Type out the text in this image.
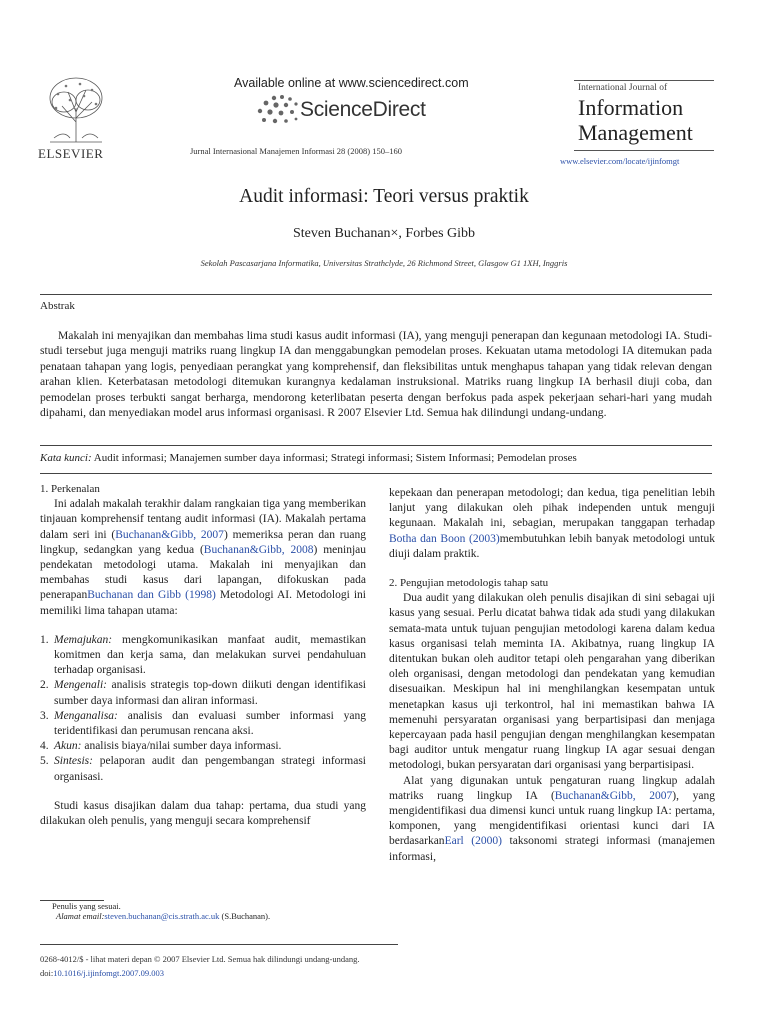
ELSEVIER
Available online at www.sciencedirect.com
ScienceDirect
Jurnal Internasional Manajemen Informasi 28 (2008) 150–160
International Journal of
Information
Management
www.elsevier.com/locate/ijinfomgt
Audit informasi: Teori versus praktik
Steven Buchanan×, Forbes Gibb
Sekolah Pascasarjana Informatika, Universitas Strathclyde, 26 Richmond Street, Glasgow G1 1XH, Inggris
Abstrak

Makalah ini menyajikan dan membahas lima studi kasus audit informasi (IA), yang menguji penerapan dan kegunaan metodologi IA. Studi-studi tersebut juga menguji matriks ruang lingkup IA dan menggabungkan pemodelan proses. Kekuatan utama metodologi IA ditemukan pada penataan tahapan yang logis, penyediaan perangkat yang komprehensif, dan fleksibilitas untuk menghapus tahapan yang tidak relevan dengan arahan klien. Keterbatasan metodologi ditemukan kurangnya kedalaman instruksional. Matriks ruang lingkup IA berhasil diuji coba, dan pemodelan proses terbukti sangat berharga, mendorong keterlibatan peserta dengan berfokus pada aspek pekerjaan sehari-hari yang mudah dipahami, dan menyediakan model arus informasi organisasi. R 2007 Elsevier Ltd. Semua hak dilindungi undang-undang.

Kata kunci: Audit informasi; Manajemen sumber daya informasi; Strategi informasi; Sistem Informasi; Pemodelan proses

1. Perkenalan

Ini adalah makalah terakhir dalam rangkaian tiga yang memberikan tinjauan komprehensif tentang audit informasi (IA). Makalah pertama dalam seri ini (Buchanan&Gibb, 2007) memeriksa peran dan ruang lingkup, sedangkan yang kedua (Buchanan&Gibb, 2008) meninjau pendekatan metodologi utama. Makalah ini menyajikan dan membahas studi kasus dari lapangan, difokuskan pada penerapanBuchanan dan Gibb (1998) Metodologi AI. Metodologi ini memiliki lima tahapan utama:

1. Memajukan: mengkomunikasikan manfaat audit, memastikan komitmen dan kerja sama, dan melakukan survei pendahuluan terhadap organisasi.
2. Mengenali: analisis strategis top-down diikuti dengan identifikasi sumber daya informasi dan aliran informasi.
3. Menganalisa: analisis dan evaluasi sumber informasi yang teridentifikasi dan perumusan rencana aksi.
4. Akun: analisis biaya/nilai sumber daya informasi.
5. Sintesis: pelaporan audit dan pengembangan strategi informasi organisasi.

Studi kasus disajikan dalam dua tahap: pertama, dua studi yang dilakukan oleh penulis, yang menguji secara komprehensif

kepekaan dan penerapan metodologi; dan kedua, tiga penelitian lebih lanjut yang dilakukan oleh pihak independen untuk menguji kegunaan. Makalah ini, sebagian, merupakan tanggapan terhadap Botha dan Boon (2003)membutuhkan lebih banyak metodologi untuk diuji dalam praktik.

2. Pengujian metodologis tahap satu

Dua audit yang dilakukan oleh penulis disajikan di sini sebagai uji kasus yang sesuai. Perlu dicatat bahwa tidak ada studi yang dilakukan semata-mata untuk tujuan pengujian metodologi karena dalam kedua kasus organisasi telah meminta IA. Akibatnya, ruang lingkup IA ditentukan bukan oleh auditor tetapi oleh pengarahan yang diberikan oleh organisasi, dengan metodologi dan pendekatan yang kemudian disesuaikan. Meskipun hal ini menghilangkan kesempatan untuk menetapkan kasus uji terkontrol, hal ini memastikan bahwa IA memenuhi persyaratan organisasi yang berpartisipasi dan menjaga kepercayaan pada hasil pengujian dengan menghilangkan kesempatan bagi auditor untuk mengatur ruang lingkup IA agar sesuai dengan metodologi, bukan persyaratan dari organisasi yang berpartisipasi.

Alat yang digunakan untuk pengaturan ruang lingkup adalah matriks ruang lingkup IA (Buchanan&Gibb, 2007), yang mengidentifikasi dua dimensi kunci untuk ruang lingkup IA: pertama, komponen, yang mengidentifikasi orientasi kunci dari IA berdasarkanEarl (2000) taksonomi strategi informasi (manajemen informasi,

Penulis yang sesuai.
Alamat email:steven.buchanan@cis.strath.ac.uk (S.Buchanan).

0268-4012/$ - lihat materi depan © 2007 Elsevier Ltd. Semua hak dilindungi undang-undang. doi:10.1016/j.ijinfomgt.2007.09.003
